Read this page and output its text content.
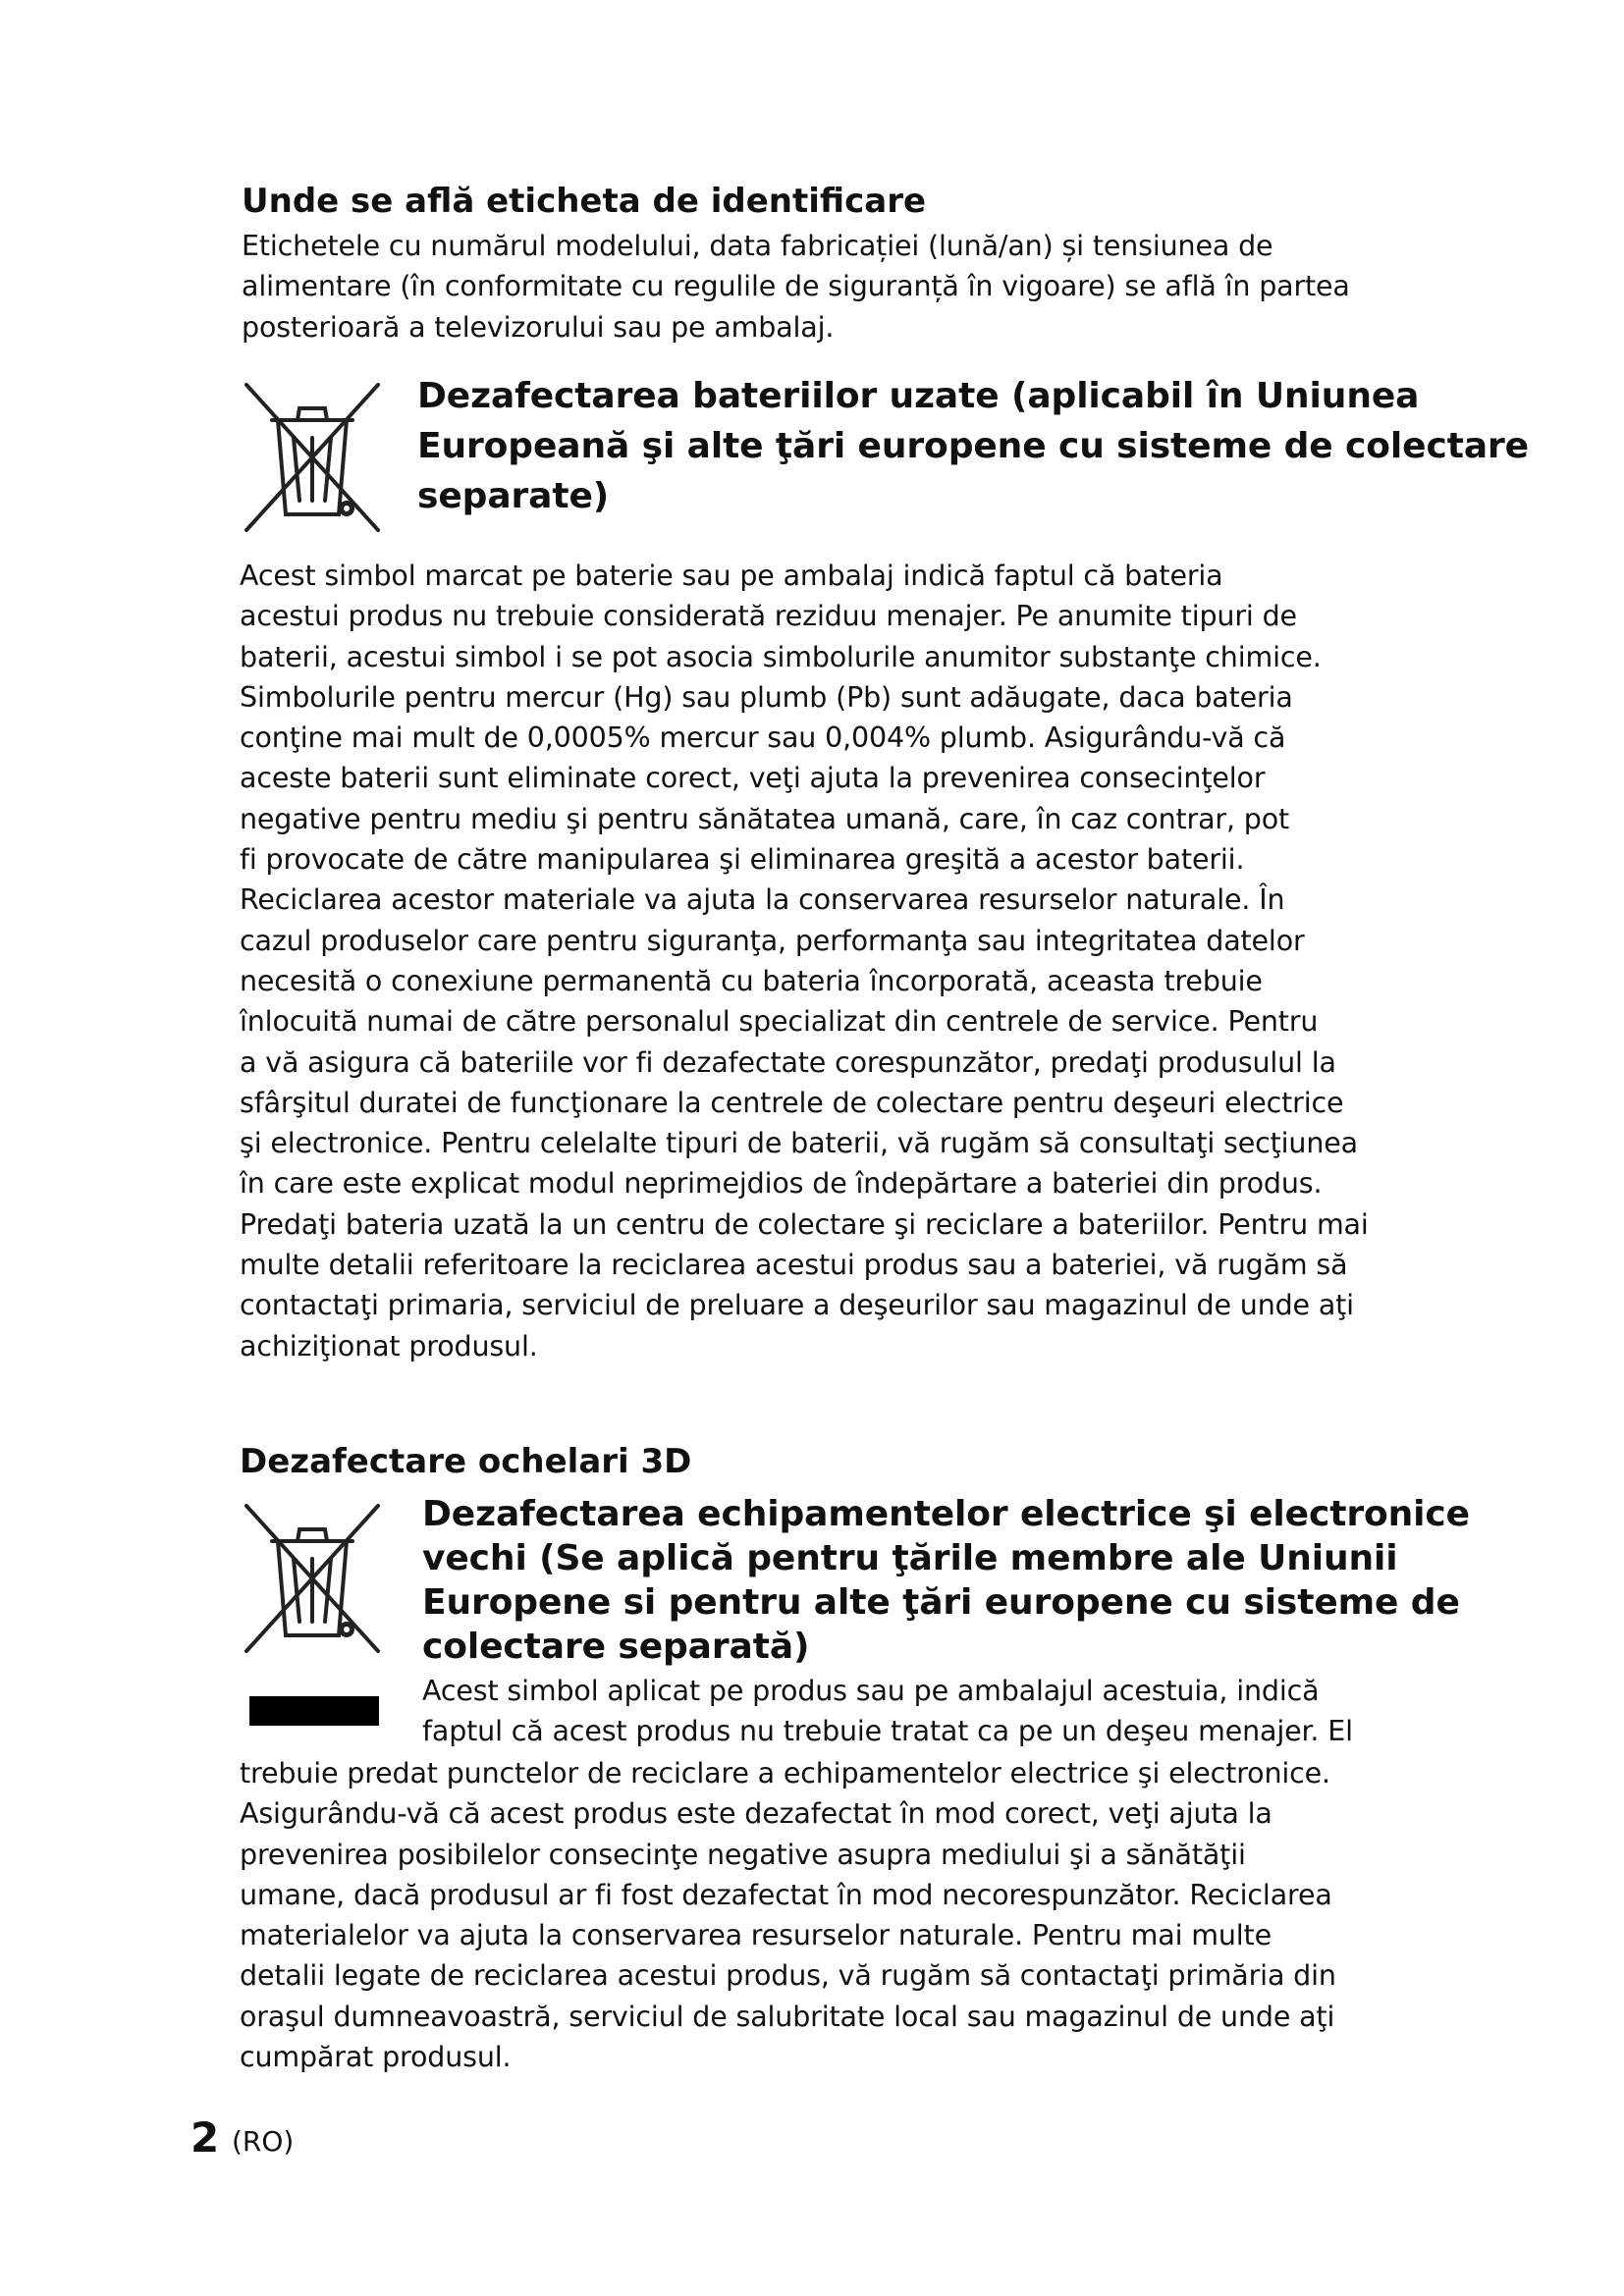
Unde se află eticheta de identificare
Etichetele cu numărul modelului, data fabricației (lună/an) și tensiunea de
alimentare (în conformitate cu regulile de siguranță în vigoare) se află în partea
posterioară a televizorului sau pe ambalaj.
Dezafectarea bateriilor uzate (aplicabil în Uniunea
Europeană şi alte ţări europene cu sisteme de colectare
separate)
Acest simbol marcat pe baterie sau pe ambalaj indică faptul că bateria
acestui produs nu trebuie considerată reziduu menajer. Pe anumite tipuri de
baterii, acestui simbol i se pot asocia simbolurile anumitor substanţe chimice.
Simbolurile pentru mercur (Hg) sau plumb (Pb) sunt adăugate, daca bateria
conţine mai mult de 0,0005% mercur sau 0,004% plumb. Asigurându-vă că
aceste baterii sunt eliminate corect, veţi ajuta la prevenirea consecinţelor
negative pentru mediu şi pentru sănătatea umană, care, în caz contrar, pot
fi provocate de către manipularea şi eliminarea greşită a acestor baterii.
Reciclarea acestor materiale va ajuta la conservarea resurselor naturale. În
cazul produselor care pentru siguranţa, performanţa sau integritatea datelor
necesită o conexiune permanentă cu bateria încorporată, aceasta trebuie
înlocuită numai de către personalul specializat din centrele de service. Pentru
a vă asigura că bateriile vor fi dezafectate corespunzător, predaţi produsulul la
sfârşitul duratei de funcţionare la centrele de colectare pentru deşeuri electrice
şi electronice. Pentru celelalte tipuri de baterii, vă rugăm să consultaţi secţiunea
în care este explicat modul neprimejdios de îndepărtare a bateriei din produs.
Predaţi bateria uzată la un centru de colectare şi reciclare a bateriilor. Pentru mai
multe detalii referitoare la reciclarea acestui produs sau a bateriei, vă rugăm să
contactaţi primaria, serviciul de preluare a deşeurilor sau magazinul de unde aţi
achiziţionat produsul.
Dezafectare ochelari 3D
Dezafectarea echipamentelor electrice şi electronice
vechi (Se aplică pentru ţările membre ale Uniunii
Europene si pentru alte ţări europene cu sisteme de
colectare separată)
Acest simbol aplicat pe produs sau pe ambalajul acestuia, indică
faptul că acest produs nu trebuie tratat ca pe un deşeu menajer. El
trebuie predat punctelor de reciclare a echipamentelor electrice şi electronice.
Asigurându-vă că acest produs este dezafectat în mod corect, veţi ajuta la
prevenirea posibilelor consecinţe negative asupra mediului şi a sănătăţii
umane, dacă produsul ar fi fost dezafectat în mod necorespunzător. Reciclarea
materialelor va ajuta la conservarea resurselor naturale. Pentru mai multe
detalii legate de reciclarea acestui produs, vă rugăm să contactaţi primăria din
oraşul dumneavoastră, serviciul de salubritate local sau magazinul de unde aţi
cumpărat produsul.
2 (RO)
